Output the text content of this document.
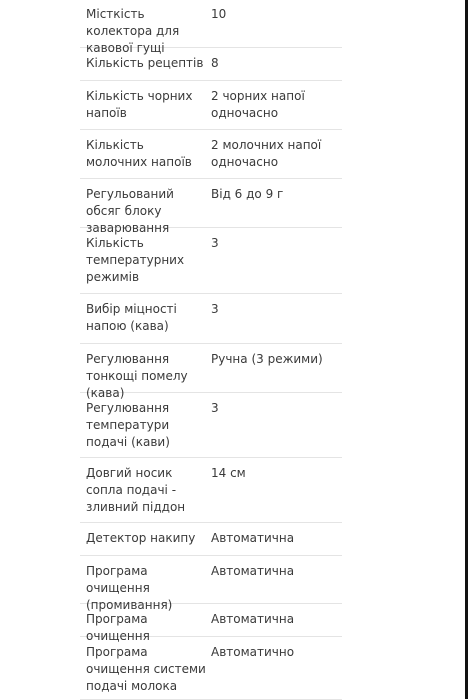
Місткість колектора для кавової гущі
10
Кількість рецептів 8
Кількість чорних напоїв
2 чорних напої одночасно
Кількість молочних напоїв
2 молочних напої одночасно
Регульований обсяг блоку заварювання
Від 6 до 9 г
Кількість температурних режимів
3
Вибір міцності напою (кава)
3
Регулювання тонкощі помелу (кава)
Ручна (3 режими)
Регулювання температури подачі (кави)
3
Довгий носик сопла подачі - зливний піддон
14 см
Детектор накипу	Автоматична
Програма очищення (промивання)
Автоматична
Програма очищення
Автоматична
Програма очищення системи подачі молока
Автоматично
